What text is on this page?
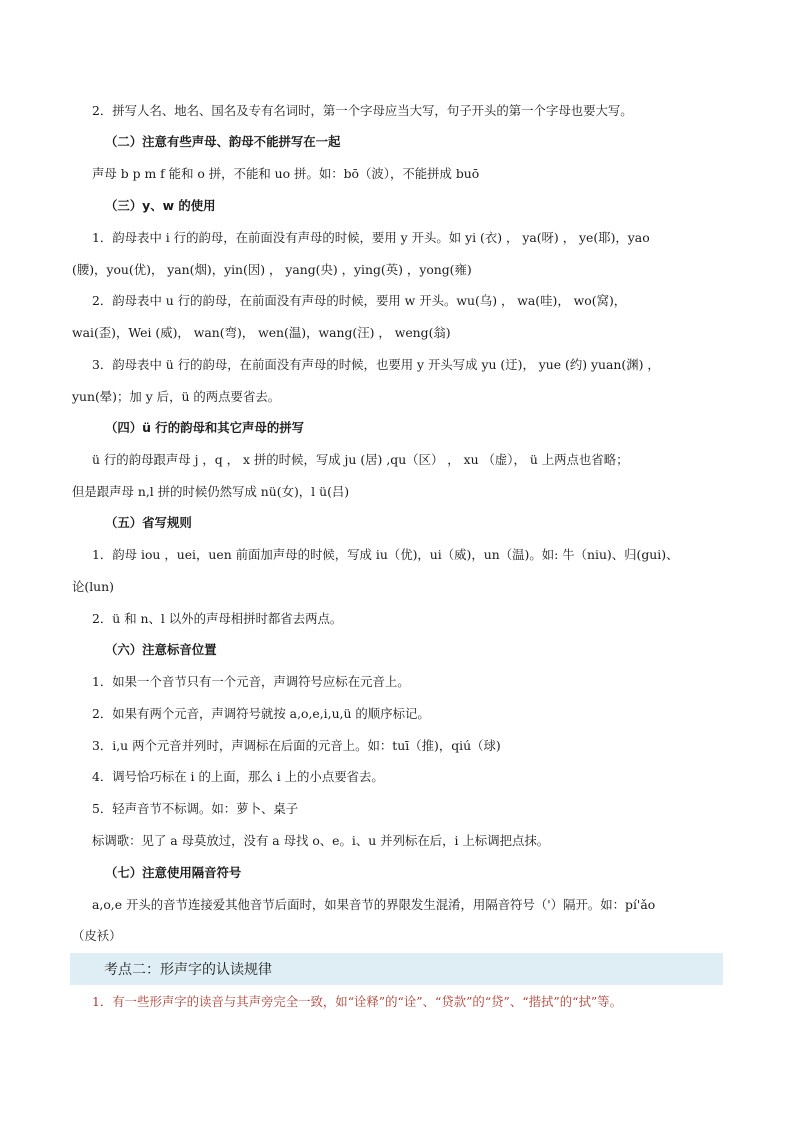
2．拼写人名、地名、国名及专有名词时，第一个字母应当大写，句子开头的第一个字母也要大写。
（二）注意有些声母、韵母不能拼写在一起
声母 b p m f 能和 o 拼，不能和 uo 拼。如：bō（波），不能拼成 buō
（三）y、w 的使用
1．韵母表中 i 行的韵母，在前面没有声母的时候，要用 y 开头。如 yi (衣) ， ya(呀) ， ye(耶)，yao
(腰)，you(优)， yan(烟)，yin(因) ， yang(央) ，ying(英) ，yong(雍)
2．韵母表中 u 行的韵母，在前面没有声母的时候，要用 w 开头。wu(乌) ， wa(哇)， wo(窝)，
wai(歪)，Wei (威)， wan(弯)， wen(温)，wang(汪) ， weng(翁)
3．韵母表中 ü 行的韵母，在前面没有声母的时候，也要用 y 开头写成 yu (迂)， yue (约) yuan(渊) ，
yun(晕)；加 y 后，ü 的两点要省去。
（四）ü 行的韵母和其它声母的拼写
ü 行的韵母跟声母 j ，q ， x 拼的时候，写成 ju (居) ,qu（区） ， xu （虚）， ü 上两点也省略；
但是跟声母 n,l 拼的时候仍然写成 nü(女)，l ü(吕)
（五）省写规则
1．韵母 iou ，uei，uen 前面加声母的时候，写成 iu（优)，ui（威)，un（温)。如: 牛（niu)、归(gui)、
论(lun)
2．ü 和 n、l 以外的声母相拼时都省去两点。
（六）注意标音位置
1．如果一个音节只有一个元音，声调符号应标在元音上。
2．如果有两个元音，声调符号就按 a,o,e,i,u,ü 的顺序标记。
3．i,u 两个元音并列时，声调标在后面的元音上。如：tuī（推)，qiú（球)
4．调号恰巧标在 i 的上面，那么 i 上的小点要省去。
5．轻声音节不标调。如：萝卜、桌子
标调歌：见了 a 母莫放过，没有 a 母找 o、e。i、u 并列标在后，i 上标调把点抹。
（七）注意使用隔音符号
a,o,e 开头的音节连接爱其他音节后面时，如果音节的界限发生混淆，用隔音符号（'）隔开。如：pí'ǎo
（皮袄）
考点二：形声字的认读规律
1．有一些形声字的读音与其声旁完全一致，如“诠释”的“诠”、“贷款”的“贷”、“揩拭”的“拭”等。
